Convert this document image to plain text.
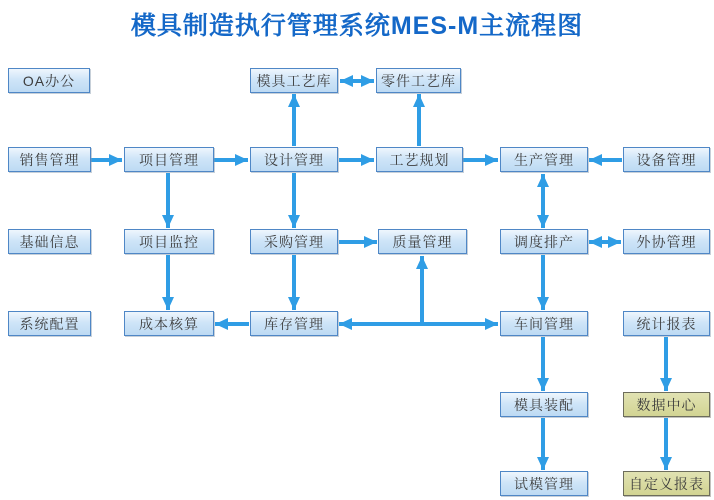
模具制造执行管理系统MES-M主流程图
OA办公	模具工艺库	零件工艺库
销售管理	项目管理	设计管理	工艺规划	生产管理	设备管理
基础信息	项目监控	采购管理	质量管理	调度排产	外协管理
系统配置	成本核算	库存管理	车间管理	统计报表
模具装配	数据中心
试模管理	自定义报表
